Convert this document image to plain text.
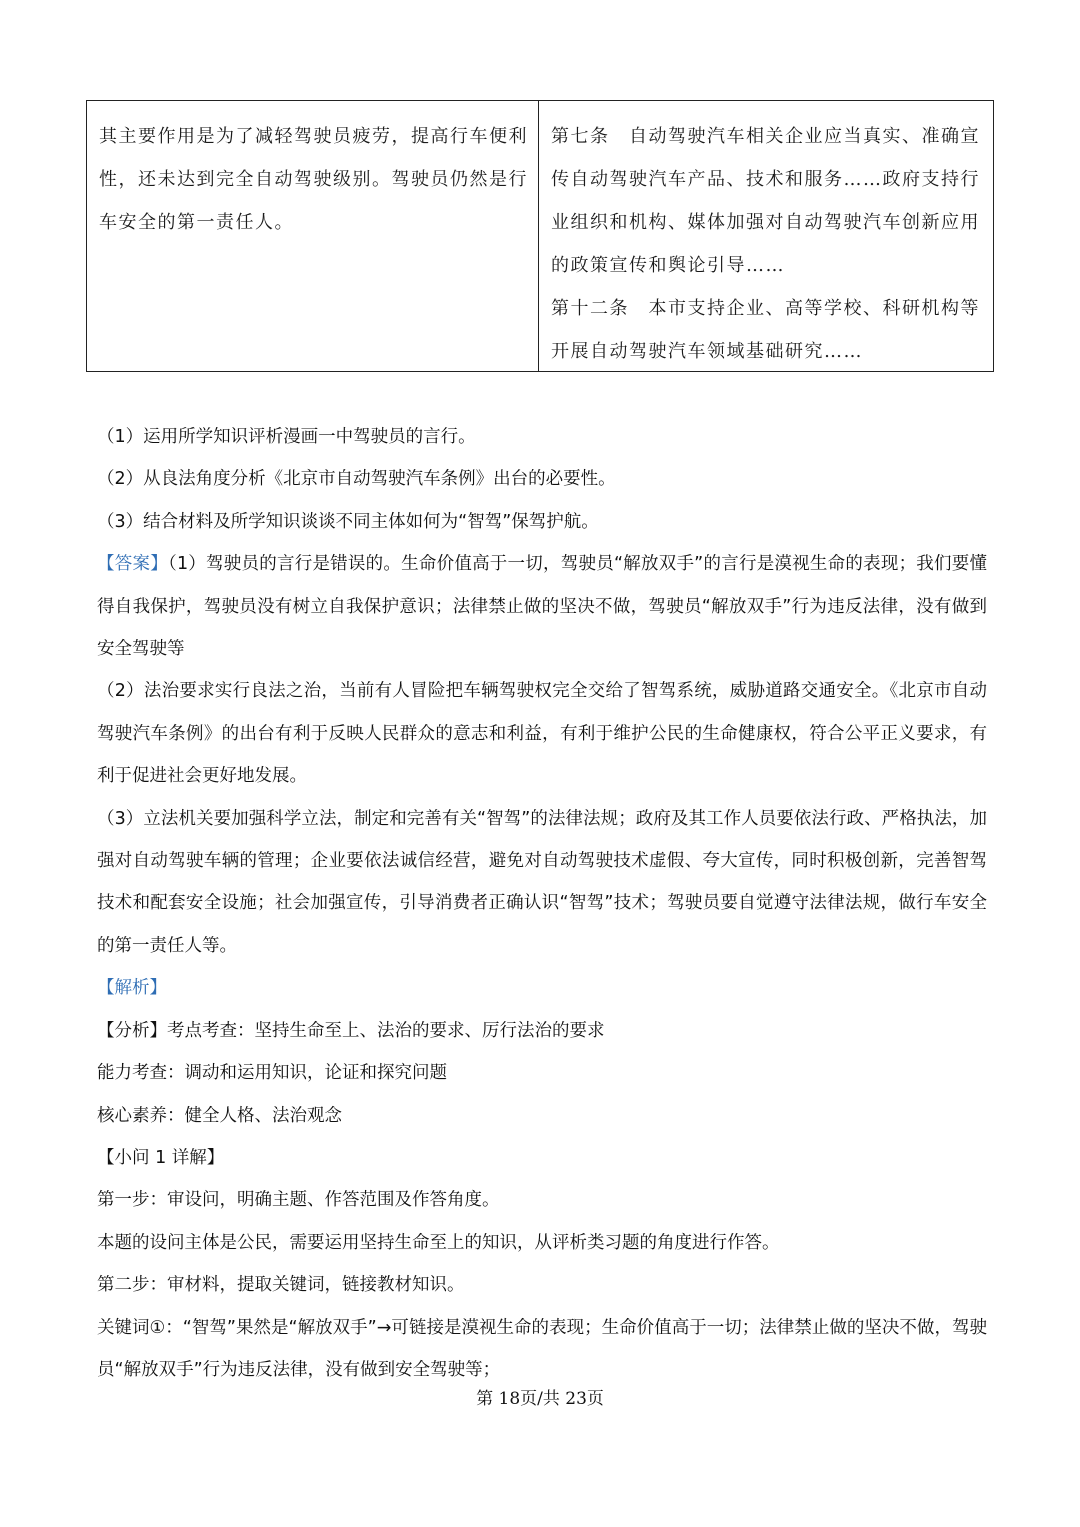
其主要作用是为了减轻驾驶员疲劳，提高行车便利性，还未达到完全自动驾驶级别。驾驶员仍然是行车安全的第一责任人。

第七条　自动驾驶汽车相关企业应当真实、准确宣传自动驾驶汽车产品、技术和服务……政府支持行业组织和机构、媒体加强对自动驾驶汽车创新应用的政策宣传和舆论引导……

第十二条　本市支持企业、高等学校、科研机构等开展自动驾驶汽车领域基础研究……

（1）运用所学知识评析漫画一中驾驶员的言行。

（2）从良法角度分析《北京市自动驾驶汽车条例》出台的必要性。

（3）结合材料及所学知识谈谈不同主体如何为“智驾”保驾护航。

【答案】（1）驾驶员的言行是错误的。生命价值高于一切，驾驶员“解放双手”的言行是漠视生命的表现；我们要懂得自我保护，驾驶员没有树立自我保护意识；法律禁止做的坚决不做，驾驶员“解放双手”行为违反法律，没有做到安全驾驶等

（2）法治要求实行良法之治，当前有人冒险把车辆驾驶权完全交给了智驾系统，威胁道路交通安全。《北京市自动驾驶汽车条例》的出台有利于反映人民群众的意志和利益，有利于维护公民的生命健康权，符合公平正义要求，有利于促进社会更好地发展。

（3）立法机关要加强科学立法，制定和完善有关“智驾”的法律法规；政府及其工作人员要依法行政、严格执法，加强对自动驾驶车辆的管理；企业要依法诚信经营，避免对自动驾驶技术虚假、夸大宣传，同时积极创新，完善智驾技术和配套安全设施；社会加强宣传，引导消费者正确认识“智驾”技术；驾驶员要自觉遵守法律法规，做行车安全的第一责任人等。

【解析】

【分析】考点考查：坚持生命至上、法治的要求、厉行法治的要求

能力考查：调动和运用知识，论证和探究问题

核心素养：健全人格、法治观念

【小问 1 详解】

第一步：审设问，明确主题、作答范围及作答角度。

本题的设问主体是公民，需要运用坚持生命至上的知识，从评析类习题的角度进行作答。

第二步：审材料，提取关键词，链接教材知识。

关键词①：“智驾”果然是“解放双手”→可链接是漠视生命的表现；生命价值高于一切；法律禁止做的坚决不做，驾驶员“解放双手”行为违反法律，没有做到安全驾驶等；

第 18页/共 23页
